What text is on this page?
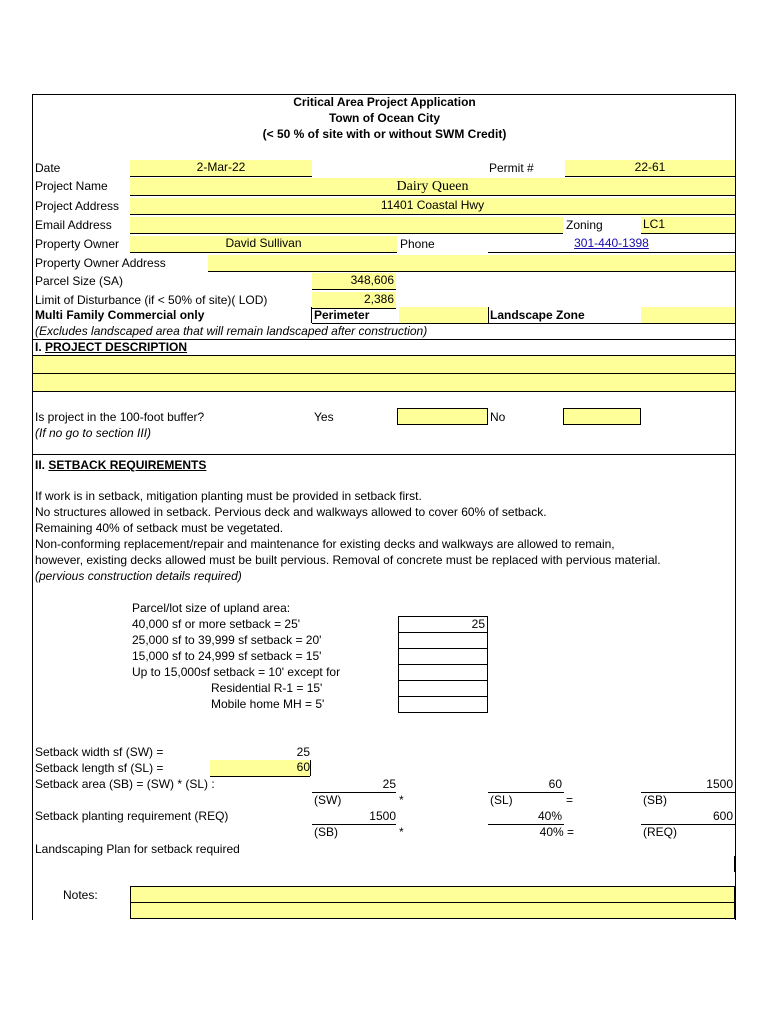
Critical Area Project Application
Town of Ocean City
(< 50 % of site with or without SWM Credit)
Date	2-Mar-22	Permit #	22-61
Project Name	Dairy Queen
Project Address	11401 Coastal Hwy
Email Address	Zoning	LC1
Property Owner	David Sullivan	Phone	301-440-1398
Property Owner Address
Parcel Size (SA)	348,606
Limit of Disturbance (if < 50% of site)( LOD)	2,386
Multi Family Commercial only	Perimeter	Landscape Zone
(Excludes landscaped area that will remain landscaped after construction)
I. PROJECT DESCRIPTION
Is project in the 100-foot buffer?
(If no go to section III)
Yes	No
II. SETBACK REQUIREMENTS
If work is in setback, mitigation planting must be provided in setback first.
No structures allowed in setback. Pervious deck and walkways allowed to cover 60% of setback.
Remaining 40% of setback must be vegetated.
Non-conforming replacement/repair and maintenance for existing decks and walkways are allowed to remain,
however, existing decks allowed must be built pervious. Removal of concrete must be replaced with pervious material.
(pervious construction details required)
Parcel/lot size of upland area:
40,000 sf or more setback = 25'
25,000 sf to 39,999 sf setback = 20'
15,000 sf to 24,999 sf setback = 15'
Up to 15,000sf setback = 10' except for
Residential R-1 = 15'
Mobile home MH = 5'
25
Setback width sf (SW) =	25
Setback length sf (SL) =	60
Setback area (SB) = (SW) * (SL) :	25	60	1500
(SW)	*	(SL)	=	(SB)
Setback planting requirement (REQ)	1500	40%	600
(SB)	*	40% =	(REQ)
Landscaping Plan for setback required
Notes:
